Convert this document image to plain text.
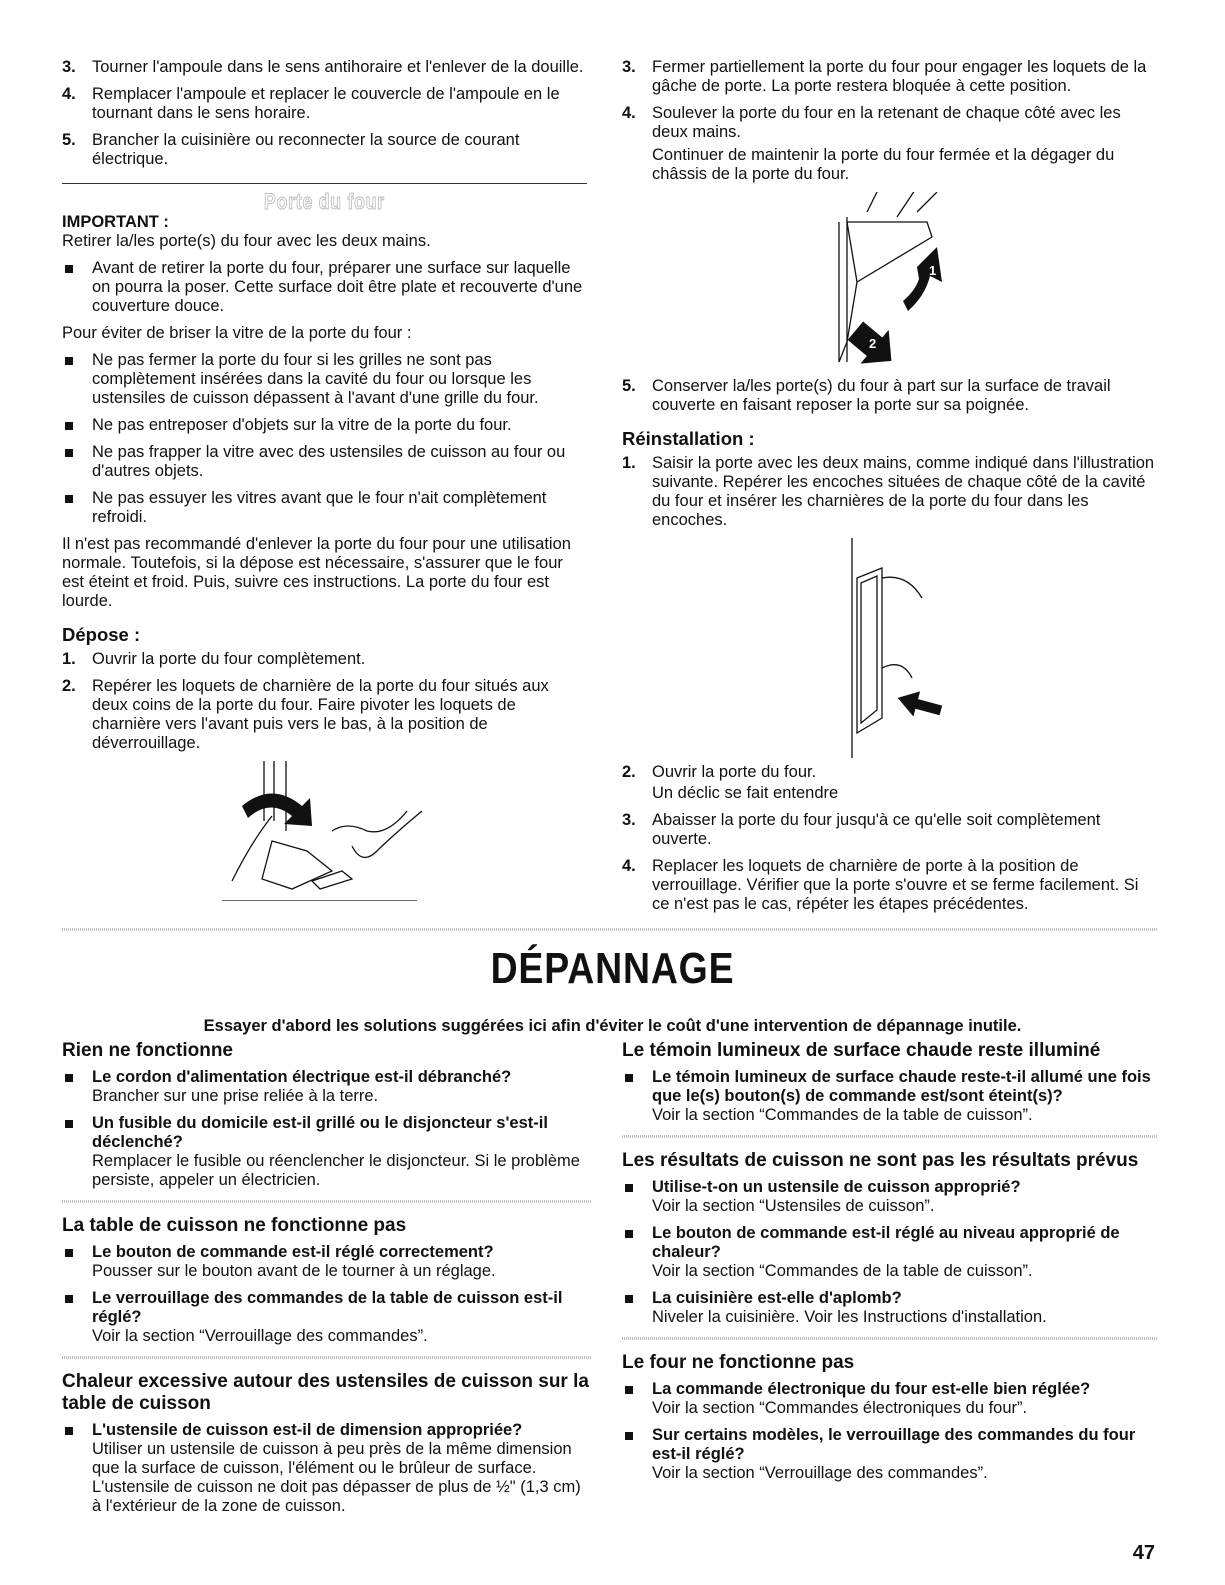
3. Tourner l'ampoule dans le sens antihoraire et l'enlever de la douille.
4. Remplacer l'ampoule et replacer le couvercle de l'ampoule en le tournant dans le sens horaire.
5. Brancher la cuisinière ou reconnecter la source de courant électrique.
Porte du four
IMPORTANT :

Retirer la/les porte(s) du four avec les deux mains.

Avant de retirer la porte du four, préparer une surface sur laquelle on pourra la poser. Cette surface doit être plate et recouverte d'une couverture douce.

Pour éviter de briser la vitre de la porte du four :

Ne pas fermer la porte du four si les grilles ne sont pas complètement insérées dans la cavité du four ou lorsque les ustensiles de cuisson dépassent à l'avant d'une grille du four.
Ne pas entreposer d'objets sur la vitre de la porte du four.
Ne pas frapper la vitre avec des ustensiles de cuisson au four ou d'autres objets.
Ne pas essuyer les vitres avant que le four n'ait complètement refroidi.

Il n'est pas recommandé d'enlever la porte du four pour une utilisation normale. Toutefois, si la dépose est nécessaire, s'assurer que le four est éteint et froid. Puis, suivre ces instructions. La porte du four est lourde.

Dépose :
1. Ouvrir la porte du four complètement.
2. Repérer les loquets de charnière de la porte du four situés aux deux coins de la porte du four. Faire pivoter les loquets de charnière vers l'avant puis vers le bas, à la position de déverrouillage.
3. Fermer partiellement la porte du four pour engager les loquets de la gâche de porte. La porte restera bloquée à cette position.
4. Soulever la porte du four en la retenant de chaque côté avec les deux mains.

Continuer de maintenir la porte du four fermée et la dégager du châssis de la porte du four.

1
2
5. Conserver la/les porte(s) du four à part sur la surface de travail couverte en faisant reposer la porte sur sa poignée.
Réinstallation :
1. Saisir la porte avec les deux mains, comme indiqué dans l'illustration suivante. Repérer les encoches situées de chaque côté de la cavité du four et insérer les charnières de la porte du four dans les encoches.
2. Ouvrir la porte du four.

Un déclic se fait entendre

3. Abaisser la porte du four jusqu'à ce qu'elle soit complètement ouverte.
4. Replacer les loquets de charnière de porte à la position de verrouillage. Vérifier que la porte s'ouvre et se ferme facilement. Si ce n'est pas le cas, répéter les étapes précédentes.
DÉPANNAGE
Essayer d'abord les solutions suggérées ici afin d'éviter le coût d'une intervention de dépannage inutile.
Rien ne fonctionne
Le cordon d'alimentation électrique est-il débranché?
Brancher sur une prise reliée à la terre.
Un fusible du domicile est-il grillé ou le disjoncteur s'est-il déclenché?
Remplacer le fusible ou réenclencher le disjoncteur. Si le problème persiste, appeler un électricien.
La table de cuisson ne fonctionne pas
Le bouton de commande est-il réglé correctement?
Pousser sur le bouton avant de le tourner à un réglage.
Le verrouillage des commandes de la table de cuisson est-il réglé?
Voir la section “Verrouillage des commandes”.
Chaleur excessive autour des ustensiles de cuisson sur la table de cuisson
L'ustensile de cuisson est-il de dimension appropriée?
Utiliser un ustensile de cuisson à peu près de la même dimension que la surface de cuisson, l'élément ou le brûleur de surface. L'ustensile de cuisson ne doit pas dépasser de plus de ½" (1,3 cm) à l'extérieur de la zone de cuisson.
Le témoin lumineux de surface chaude reste illuminé
Le témoin lumineux de surface chaude reste-t-il allumé une fois que le(s) bouton(s) de commande est/sont éteint(s)?
Voir la section “Commandes de la table de cuisson”.
Les résultats de cuisson ne sont pas les résultats prévus
Utilise-t-on un ustensile de cuisson approprié?
Voir la section “Ustensiles de cuisson”.
Le bouton de commande est-il réglé au niveau approprié de chaleur?
Voir la section “Commandes de la table de cuisson”.
La cuisinière est-elle d'aplomb?
Niveler la cuisinière. Voir les Instructions d'installation.
Le four ne fonctionne pas
La commande électronique du four est-elle bien réglée?
Voir la section “Commandes électroniques du four”.
Sur certains modèles, le verrouillage des commandes du four est-il réglé?
Voir la section “Verrouillage des commandes”.
47
